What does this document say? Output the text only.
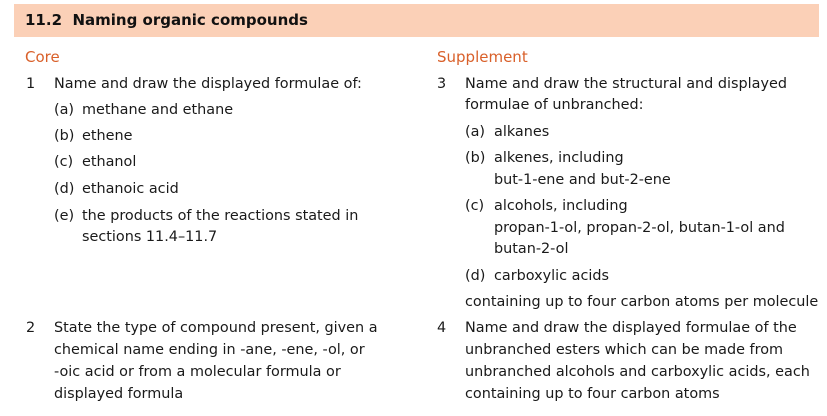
11.2 Naming organic compounds
Core
1 Name and draw the displayed formulae of:
(a) methane and ethane
(b) ethene
(c) ethanol
(d) ethanoic acid
(e) the products of the reactions stated in
sections 11.4–11.7
2 State the type of compound present, given a
chemical name ending in -ane, -ene, -ol, or
-oic acid or from a molecular formula or
displayed formula
Supplement
3 Name and draw the structural and displayed
formulae of unbranched:
(a) alkanes
(b) alkenes, including
but-1-ene and but-2-ene
(c) alcohols, including
propan-1-ol, propan-2-ol, butan-1-ol and
butan-2-ol
(d) carboxylic acids
containing up to four carbon atoms per molecule
4 Name and draw the displayed formulae of the
unbranched esters which can be made from
unbranched alcohols and carboxylic acids, each
containing up to four carbon atoms
